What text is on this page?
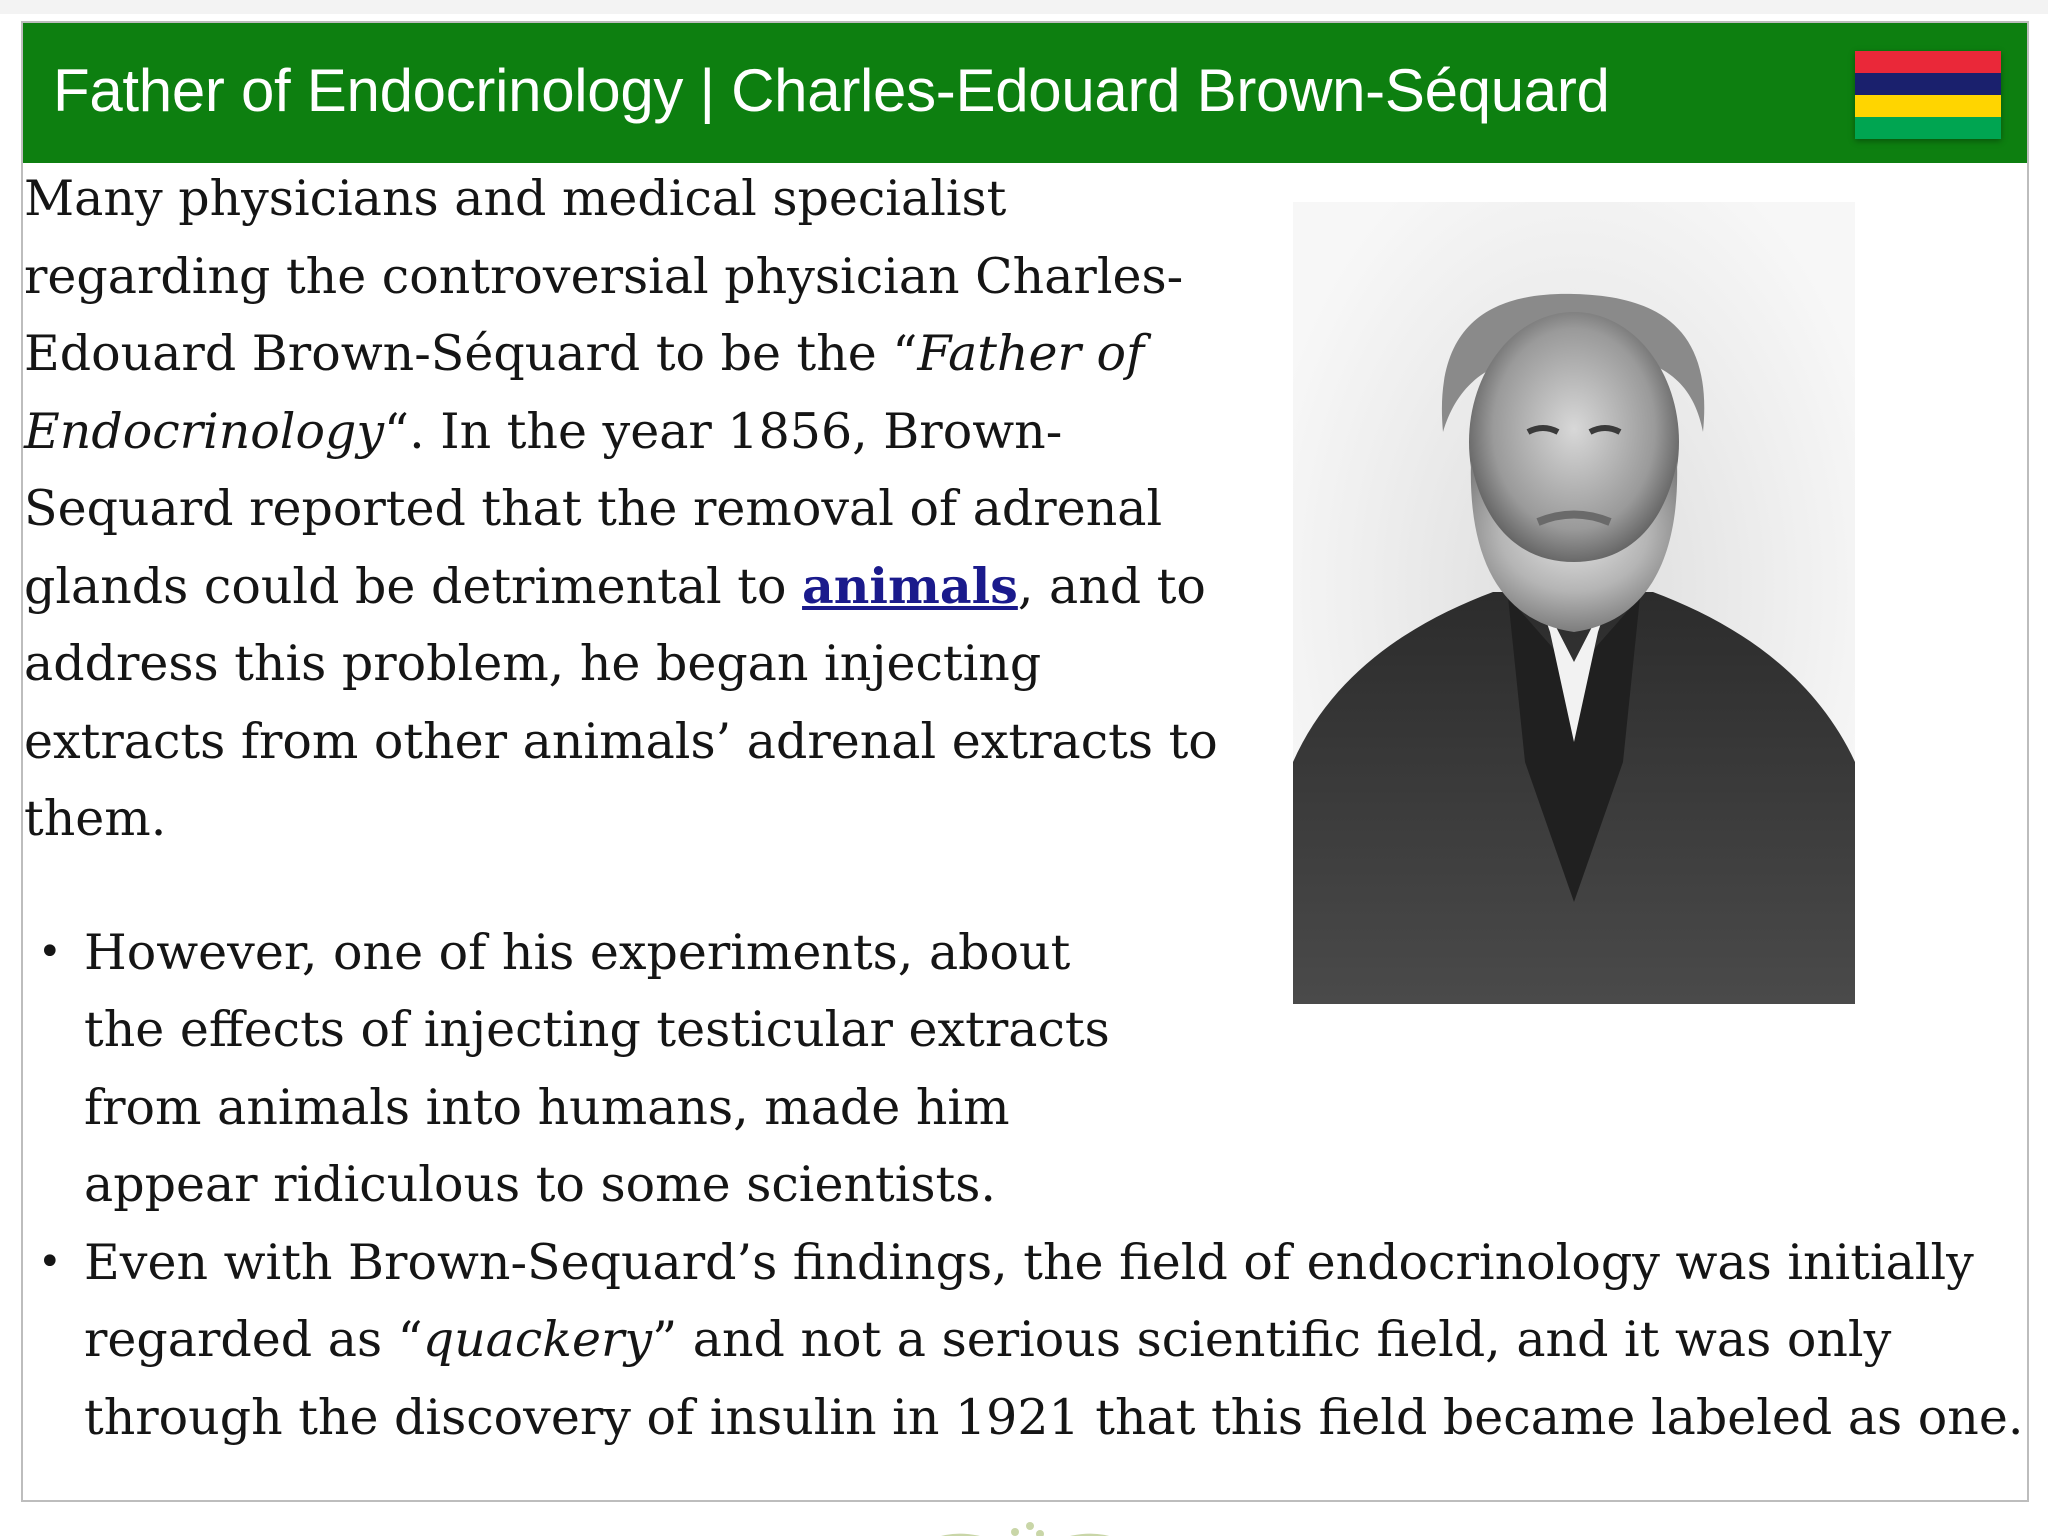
Father of Endocrinology | Charles-Edouard Brown-Séquard

Many physicians and medical specialist regarding the controversial physician Charles-Edouard Brown-Séquard to be the “Father of Endocrinology“. In the year 1856, Brown-Sequard reported that the removal of adrenal glands could be detrimental to animals, and to address this problem, he began injecting extracts from other animals’ adrenal extracts to them.

• However, one of his experiments, about the effects of injecting testicular extracts from animals into humans, made him appear ridiculous to some scientists.
• Even with Brown-Sequard’s findings, the field of endocrinology was initially regarded as “quackery” and not a serious scientific field, and it was only through the discovery of insulin in 1921 that this field became labeled as one.
